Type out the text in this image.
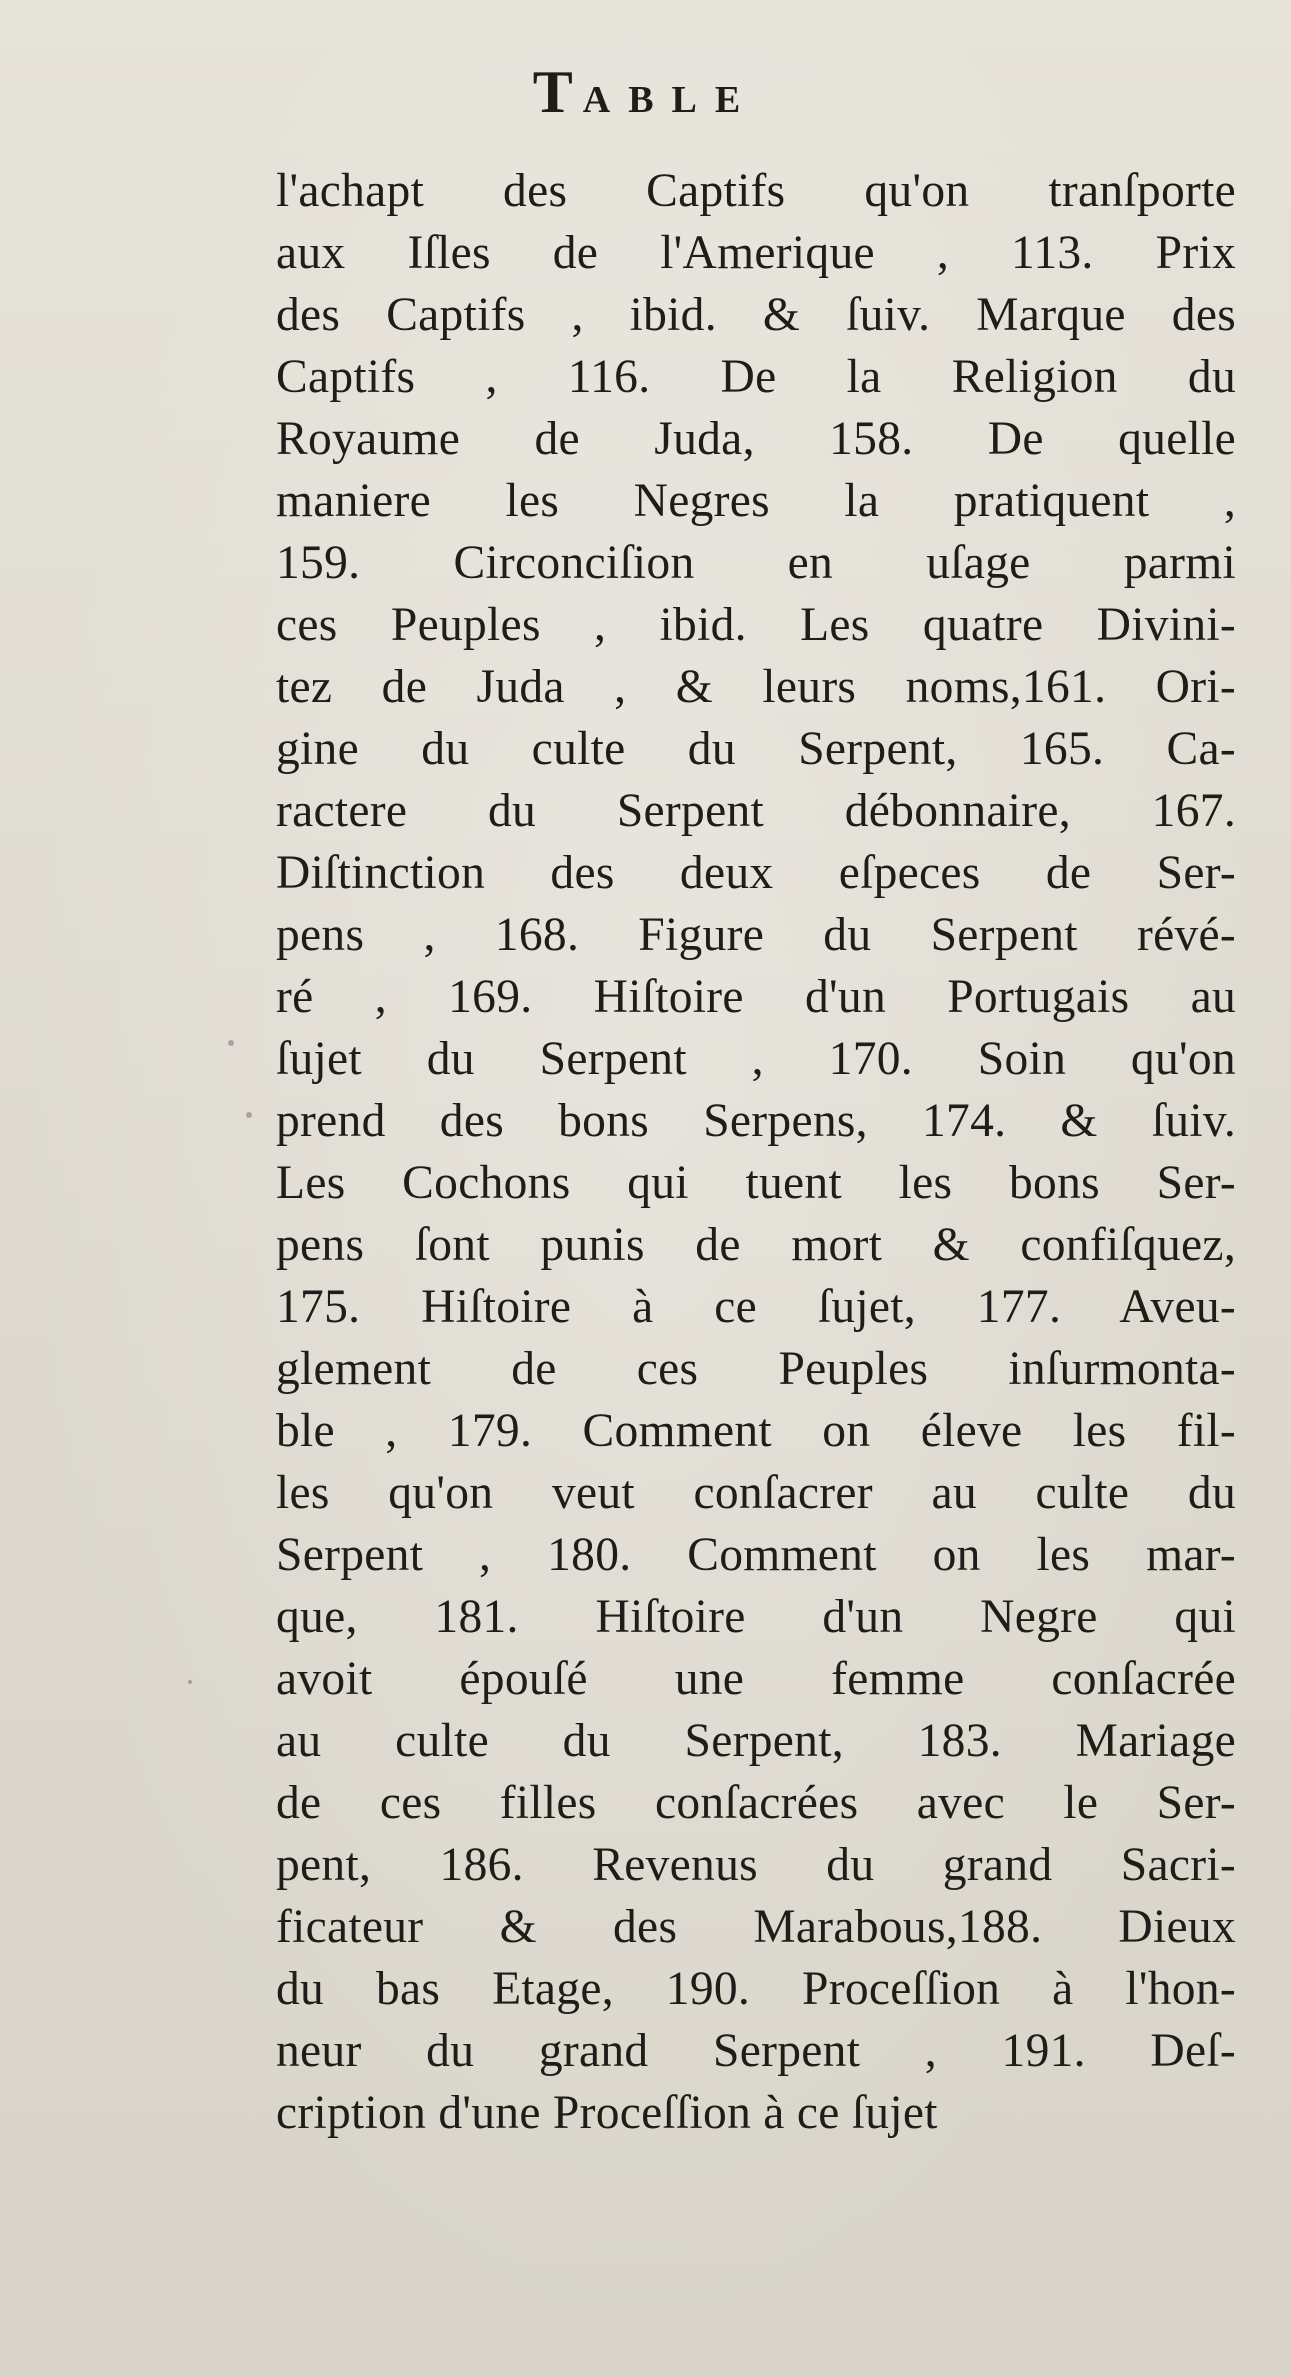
TABLE
l'achapt des Captifs qu'on tranſporte
aux Iſles de l'Amerique , 113. Prix
des Captifs , ibid. & ſuiv. Marque des
Captifs , 116. De la Religion du
Royaume de Juda, 158. De quelle
maniere les Negres la pratiquent ,
159. Circonciſion en uſage parmi
ces Peuples , ibid. Les quatre Divini-
tez de Juda , & leurs noms,161. Ori-
gine du culte du Serpent, 165. Ca-
ractere du Serpent débonnaire, 167.
Diſtinction des deux eſpeces de Ser-
pens , 168. Figure du Serpent révé-
ré , 169. Hiſtoire d'un Portugais au
ſujet du Serpent , 170. Soin qu'on
prend des bons Serpens, 174. & ſuiv.
Les Cochons qui tuent les bons Ser-
pens ſont punis de mort & confiſquez,
175. Hiſtoire à ce ſujet, 177. Aveu-
glement de ces Peuples inſurmonta-
ble , 179. Comment on éleve les fil-
les qu'on veut conſacrer au culte du
Serpent , 180. Comment on les mar-
que, 181. Hiſtoire d'un Negre qui
avoit épouſé une femme conſacrée
au culte du Serpent, 183. Mariage
de ces filles conſacrées avec le Ser-
pent, 186. Revenus du grand Sacri-
ficateur & des Marabous,188. Dieux
du bas Etage, 190. Proceſſion à l'hon-
neur du grand Serpent , 191. Deſ-
cription d'une Proceſſion à ce ſujet
